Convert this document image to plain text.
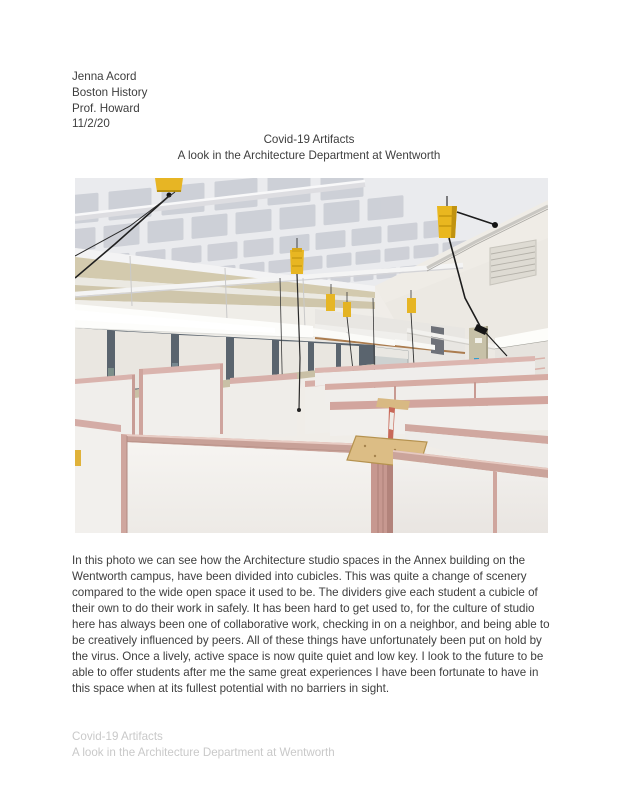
Jenna Acord
Boston History
Prof. Howard
11/2/20
Covid-19 Artifacts
A look in the Architecture Department at Wentworth
In this photo we can see how the Architecture studio spaces in the Annex building on the Wentworth campus, have been divided into cubicles. This was quite a change of scenery compared to the wide open space it used to be. The dividers give each student a cubicle of their own to do their work in safely. It has been hard to get used to, for the culture of studio here has always been one of collaborative work, checking in on a neighbor, and being able to be creatively influenced by peers. All of these things have unfortunately been put on hold by the virus. Once a lively, active space is now quite quiet and low key. I look to the future to be able to offer students after me the same great experiences I have been fortunate to have in this space when at its fullest potential with no barriers in sight.
Covid-19 Artifacts
A look in the Architecture Department at Wentworth
